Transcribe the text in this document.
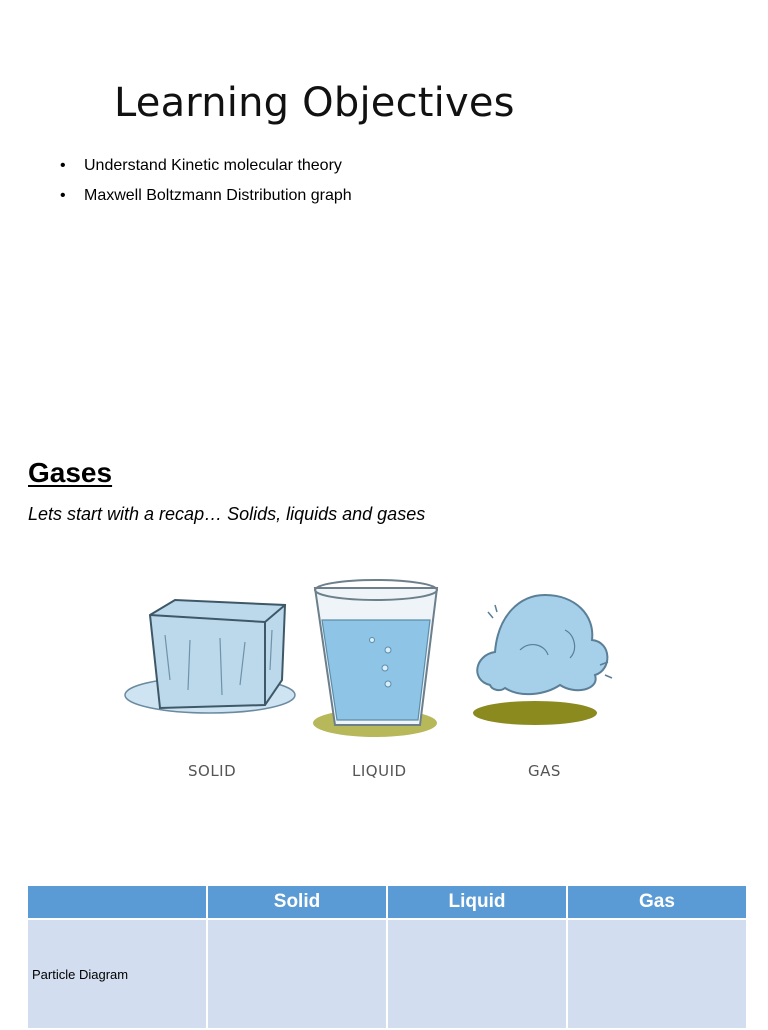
Learning Objectives
•	Understand Kinetic molecular theory
•	Maxwell Boltzmann Distribution graph
Gases

Lets start with a recap… Solids, liquids and gases

SOLID	LIQUID	GAS
	Solid	Liquid	Gas
Particle Diagram			
